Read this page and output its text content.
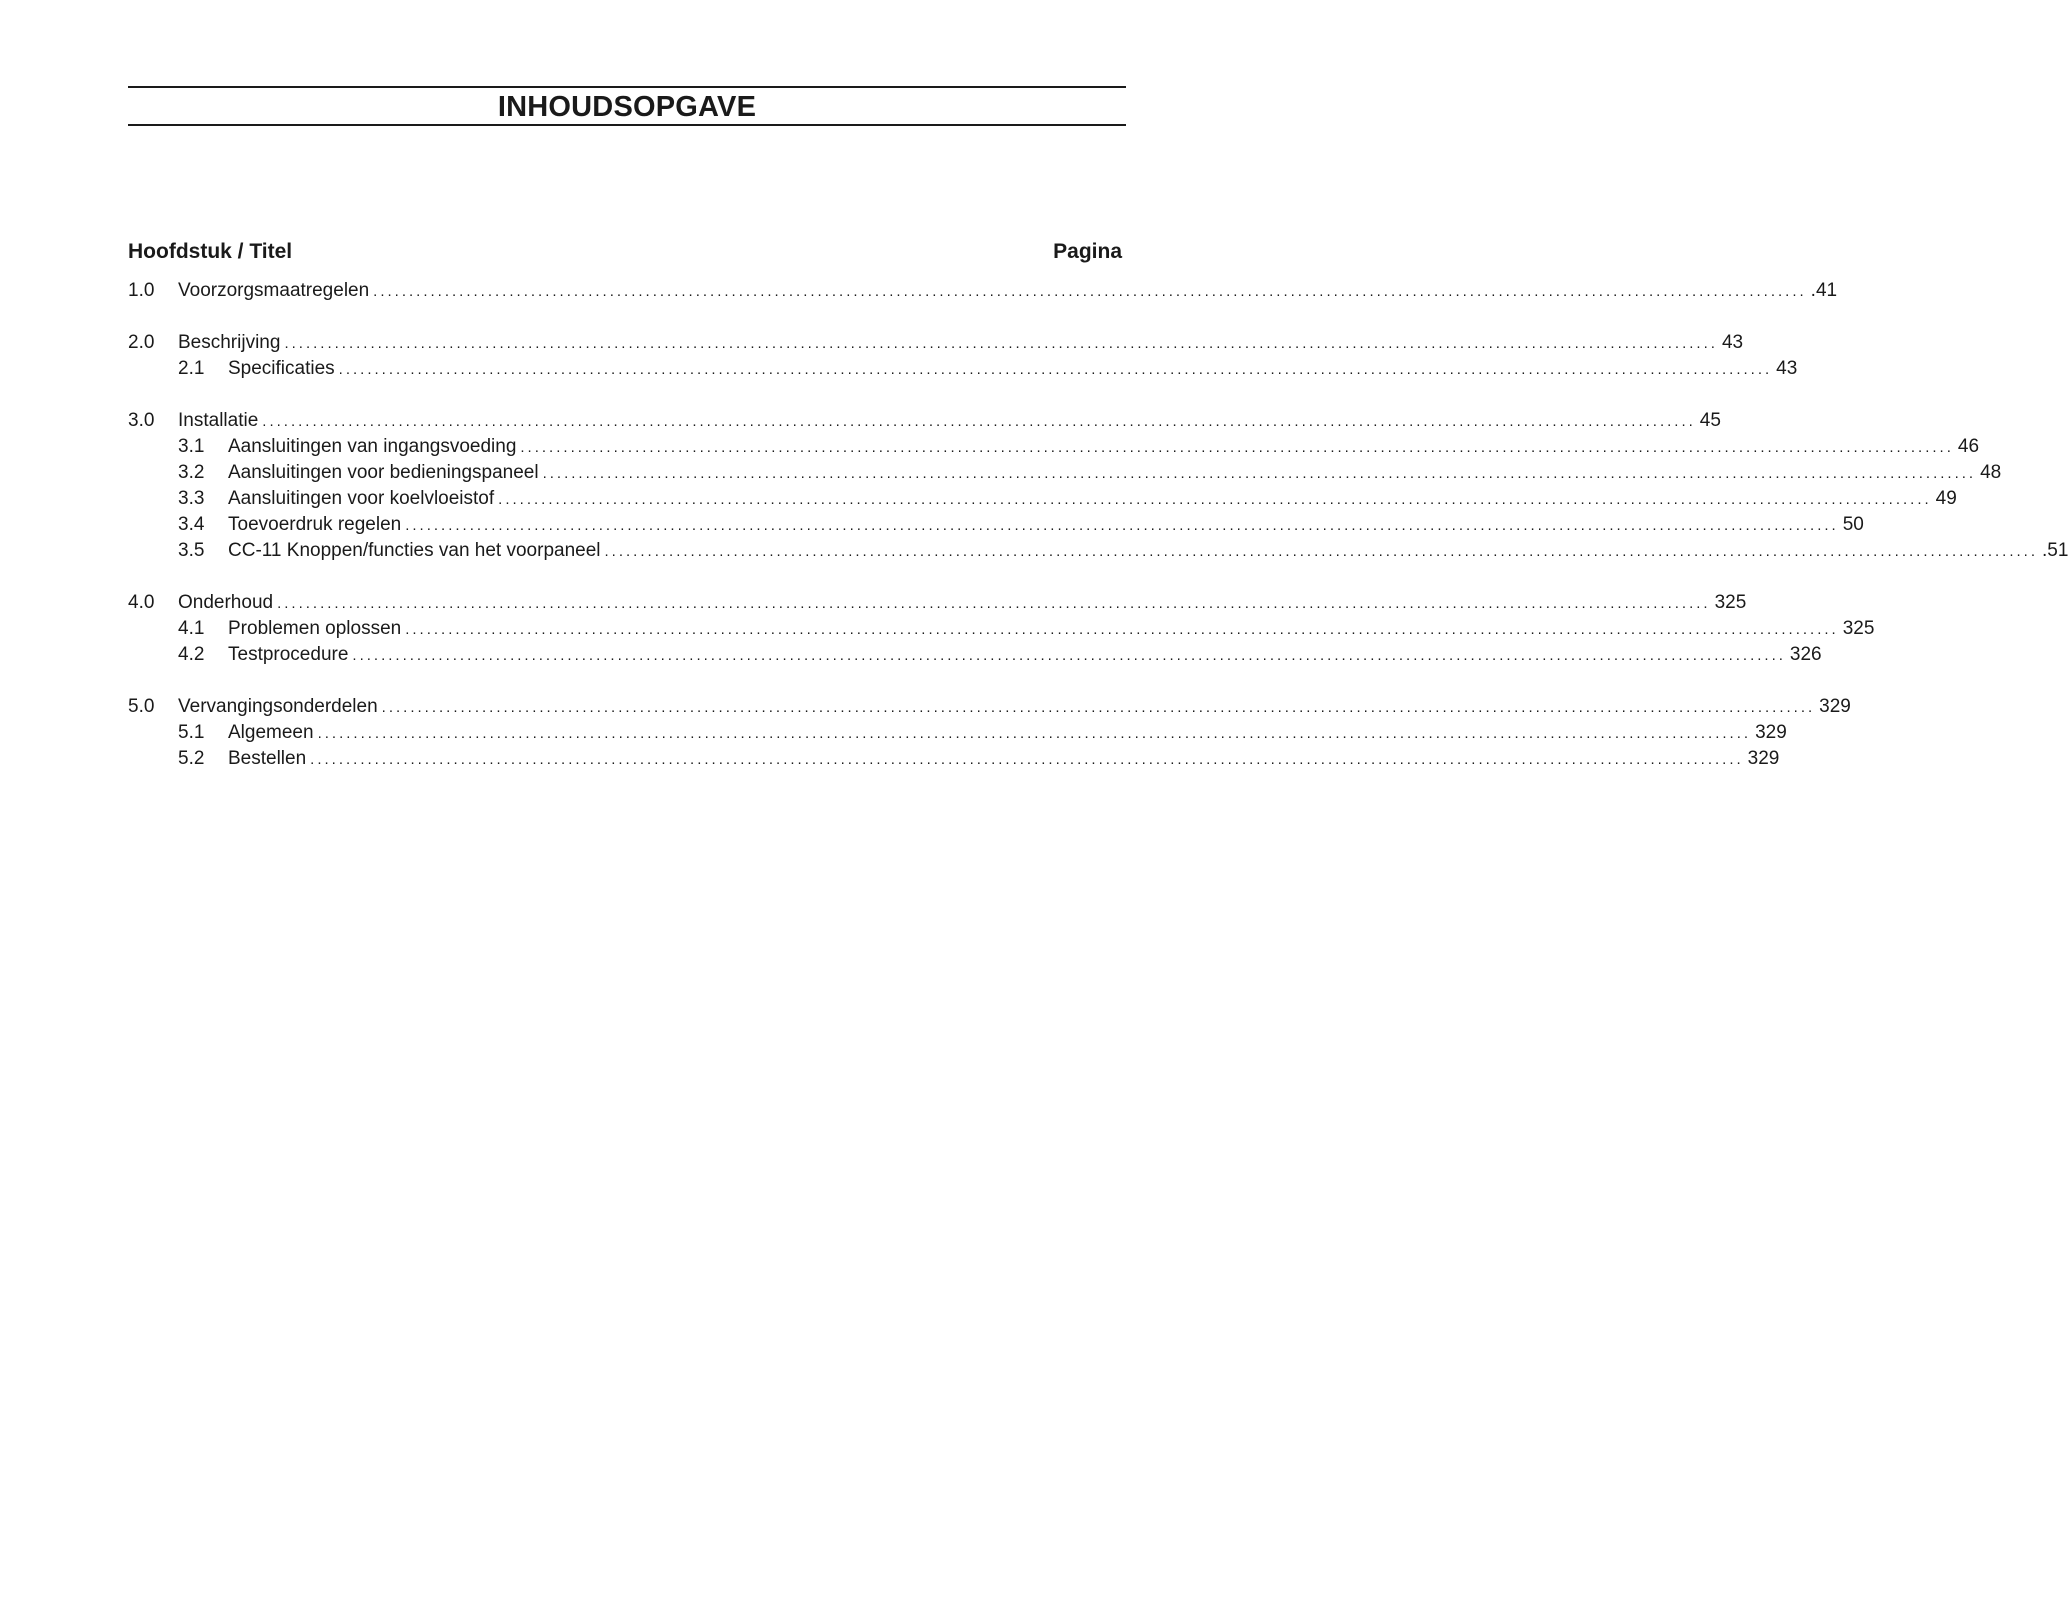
INHOUDSOPGAVE
Hoofdstuk / Titel	Pagina
1.0	Voorzorgsmaatregelen ........................................................................................................................................................................................................ .41
2.0	Beschrijving ........................................................................................................................................................................................................ 43
2.1	Specificaties ........................................................................................................................................................................................................ 43
3.0	Installatie ........................................................................................................................................................................................................ 45
3.1	Aansluitingen van ingangsvoeding ........................................................................................................................................................................................................ 46
3.2	Aansluitingen voor bedieningspaneel ........................................................................................................................................................................................................ 48
3.3	Aansluitingen voor koelvloeistof ........................................................................................................................................................................................................ 49
3.4	Toevoerdruk regelen ........................................................................................................................................................................................................ 50
3.5	CC-11 Knoppen/functies van het voorpaneel ........................................................................................................................................................................................................ .51
4.0	Onderhoud ........................................................................................................................................................................................................ 325
4.1	Problemen oplossen ........................................................................................................................................................................................................ 325
4.2	Testprocedure ........................................................................................................................................................................................................ 326
5.0	Vervangingsonderdelen ........................................................................................................................................................................................................ 329
5.1	Algemeen ........................................................................................................................................................................................................ 329
5.2	Bestellen ........................................................................................................................................................................................................ 329
